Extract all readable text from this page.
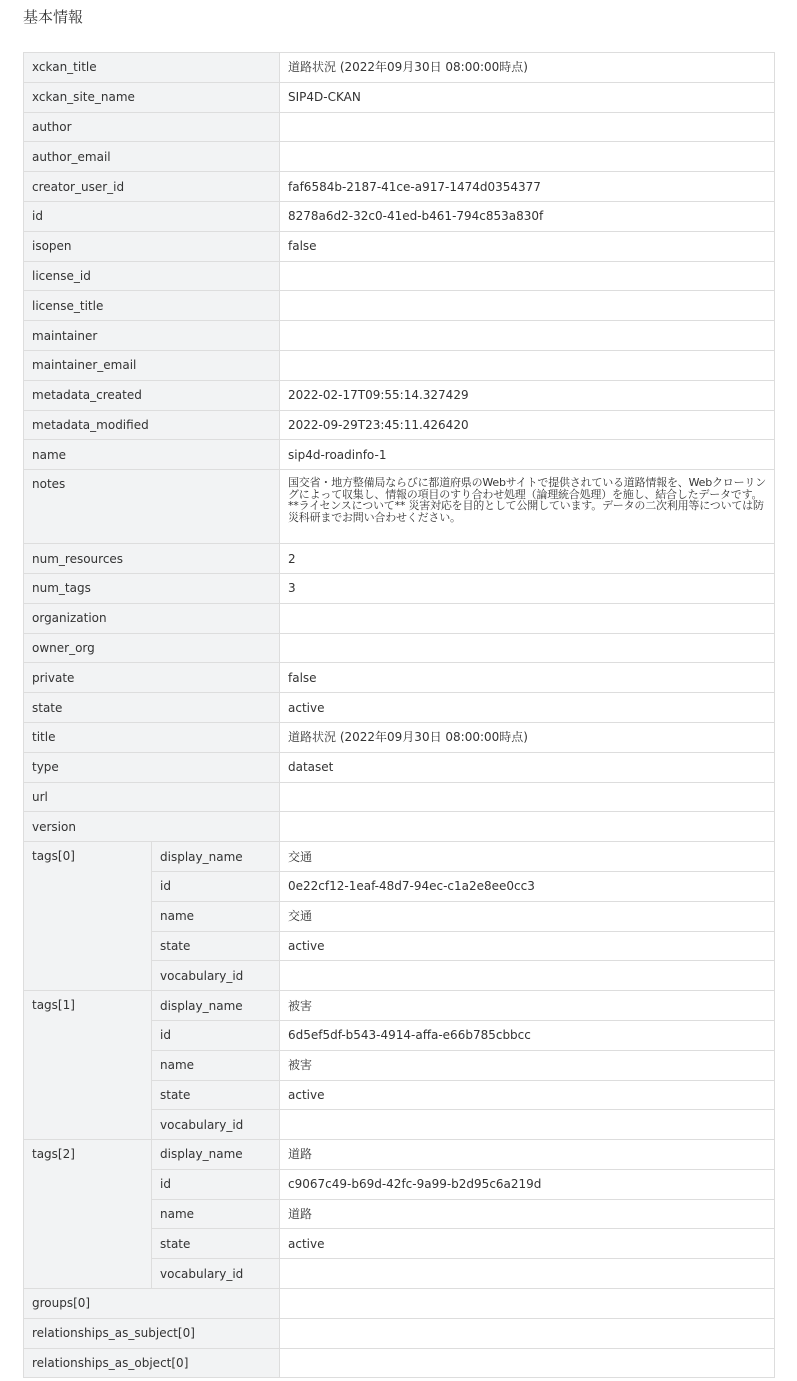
基本情報
xckan_title		道路状況 (2022年09月30日 08:00:00時点)
xckan_site_name		SIP4D-CKAN
author		
author_email		
creator_user_id		faf6584b-2187-41ce-a917-1474d0354377
id		8278a6d2-32c0-41ed-b461-794c853a830f
isopen		false
license_id		
license_title		
maintainer		
maintainer_email		
metadata_created		2022-02-17T09:55:14.327429
metadata_modified		2022-09-29T23:45:11.426420
name		sip4d-roadinfo-1
notes		国交省・地方整備局ならびに都道府県のWebサイトで提供されている道路情報を、Webクローリングによって収集し、情報の項目のすり合わせ処理（論理統合処理）を施し、結合したデータです。**ライセンスについて** 災害対応を目的として公開しています。データの二次利用等については防災科研までお問い合わせください。
num_resources		2
num_tags		3
organization		
owner_org		
private		false
state		active
title		道路状況 (2022年09月30日 08:00:00時点)
type		dataset
url		
version		
tags[0]	display_name	交通
	id	0e22cf12-1eaf-48d7-94ec-c1a2e8ee0cc3
	name	交通
	state	active
	vocabulary_id	
tags[1]	display_name	被害
	id	6d5ef5df-b543-4914-affa-e66b785cbbcc
	name	被害
	state	active
	vocabulary_id	
tags[2]	display_name	道路
	id	c9067c49-b69d-42fc-9a99-b2d95c6a219d
	name	道路
	state	active
	vocabulary_id	
groups[0]		
relationships_as_subject[0]		
relationships_as_object[0]		
